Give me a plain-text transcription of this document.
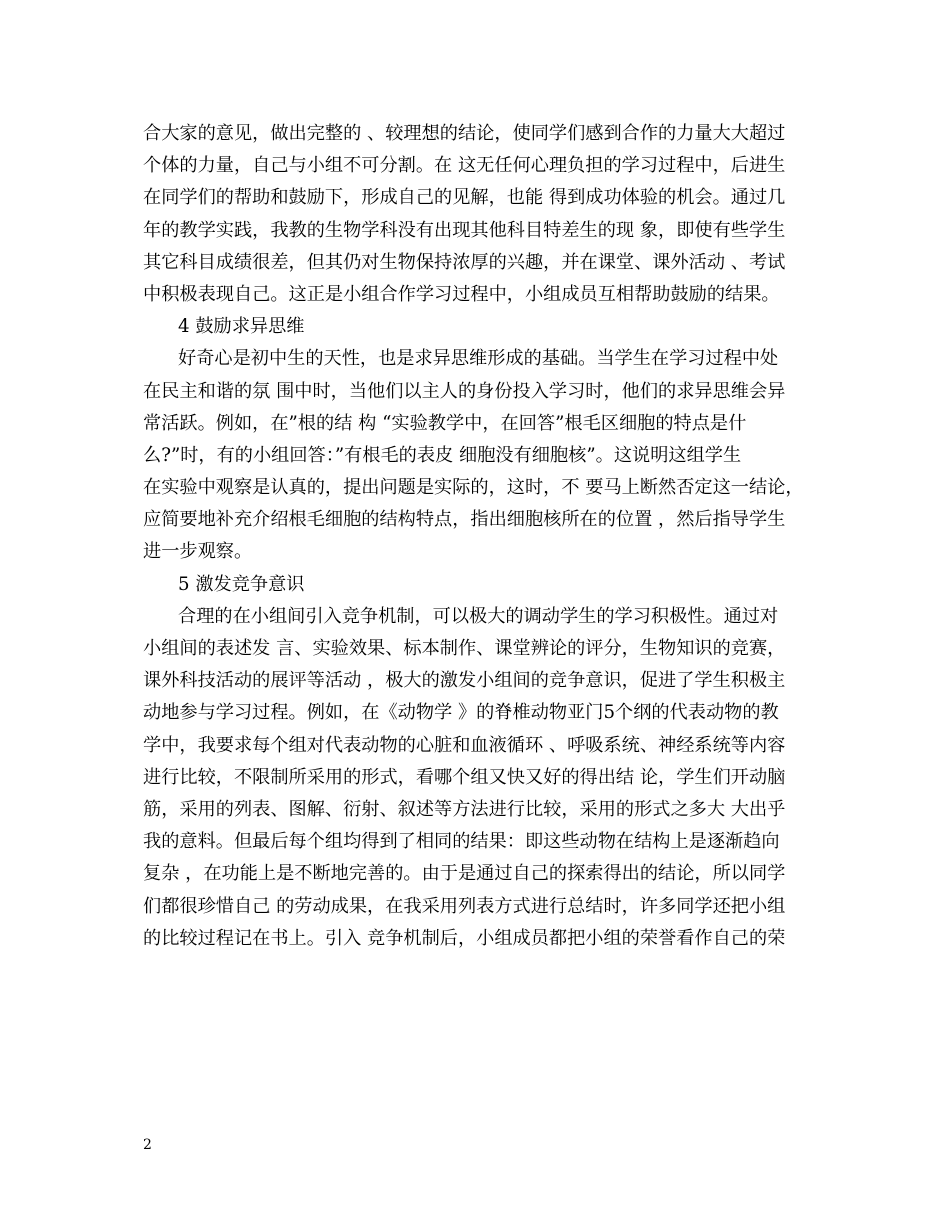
合大家的意见，做出完整的 、较理想的结论，使同学们感到合作的力量大大超过
个体的力量，自己与小组不可分割。在 这无任何心理负担的学习过程中，后进生
在同学们的帮助和鼓励下，形成自己的见解，也能 得到成功体验的机会。通过几
年的教学实践，我教的生物学科没有出现其他科目特差生的现 象，即使有些学生
其它科目成绩很差，但其仍对生物保持浓厚的兴趣，并在课堂、课外活动 、考试
中积极表现自己。这正是小组合作学习过程中，小组成员互相帮助鼓励的结果。
4 鼓励求异思维
好奇心是初中生的天性，也是求异思维形成的基础。当学生在学习过程中处
在民主和谐的氛 围中时，当他们以主人的身份投入学习时，他们的求异思维会异
常活跃。例如，在”根的结 构 “实验教学中，在回答”根毛区细胞的特点是什
么?”时，有的小组回答：”有根毛的表皮 细胞没有细胞核”。这说明这组学生
在实验中观察是认真的，提出问题是实际的，这时，不 要马上断然否定这一结论，
应简要地补充介绍根毛细胞的结构特点，指出细胞核所在的位置 ，然后指导学生
进一步观察。
5 激发竞争意识
合理的在小组间引入竞争机制，可以极大的调动学生的学习积极性。通过对
小组间的表述发 言、实验效果、标本制作、课堂辨论的评分，生物知识的竞赛，
课外科技活动的展评等活动 ，极大的激发小组间的竞争意识，促进了学生积极主
动地参与学习过程。例如，在《动物学 》的脊椎动物亚门5个纲的代表动物的教
学中，我要求每个组对代表动物的心脏和血液循环 、呼吸系统、神经系统等内容
进行比较，不限制所采用的形式，看哪个组又快又好的得出结 论，学生们开动脑
筋，采用的列表、图解、衍射、叙述等方法进行比较，采用的形式之多大 大出乎
我的意料。但最后每个组均得到了相同的结果：即这些动物在结构上是逐渐趋向
复杂 ，在功能上是不断地完善的。由于是通过自己的探索得出的结论，所以同学
们都很珍惜自己 的劳动成果，在我采用列表方式进行总结时，许多同学还把小组
的比较过程记在书上。引入 竞争机制后，小组成员都把小组的荣誉看作自己的荣
2
